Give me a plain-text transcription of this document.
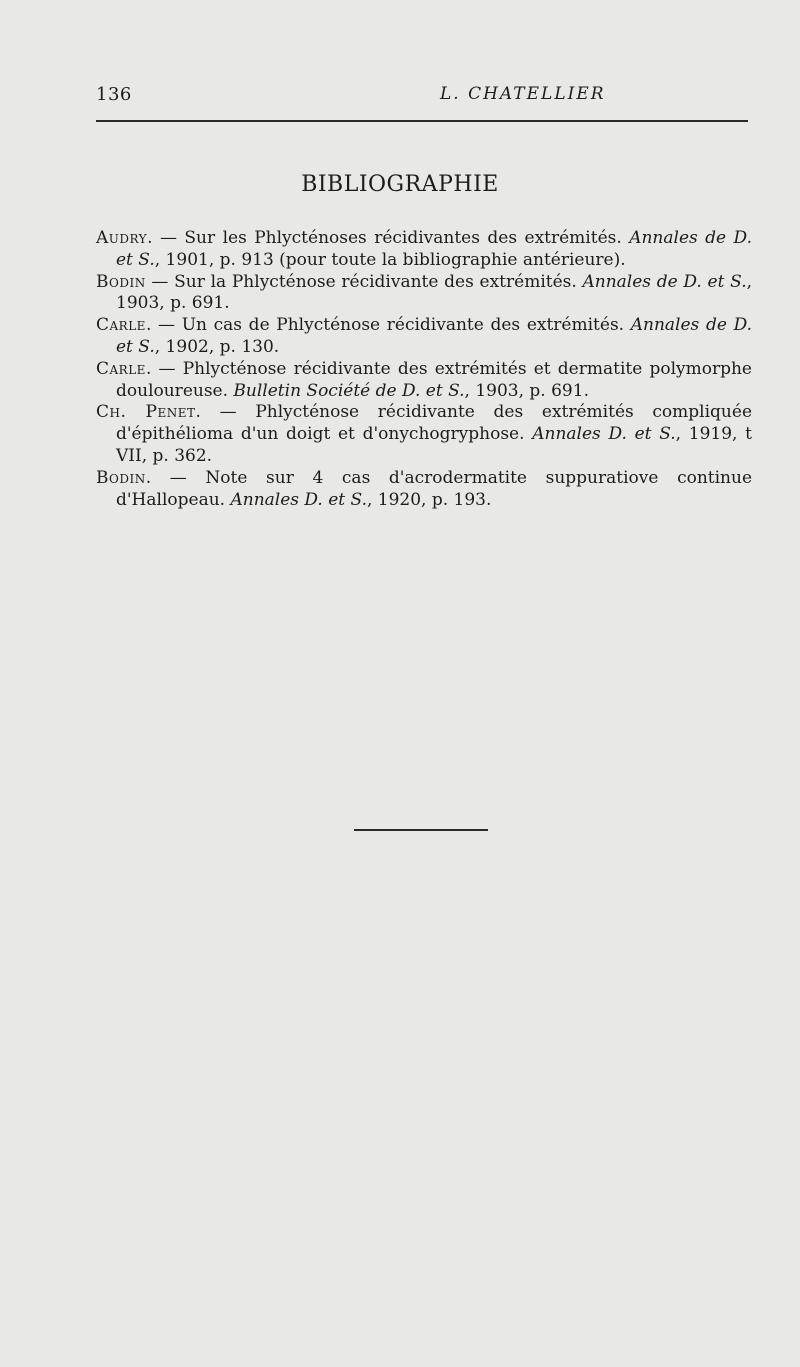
136	L. CHATELLIER
BIBLIOGRAPHIE

Audry. — Sur les Phlycténoses récidivantes des extrémités. Annales de D. et S., 1901, p. 913 (pour toute la bibliographie antérieure).

Bodin — Sur la Phlycténose récidivante des extrémités. Annales de D. et S., 1903, p. 691.

Carle. — Un cas de Phlycténose récidivante des extrémités. Annales de D. et S., 1902, p. 130.

Carle. — Phlycténose récidivante des extrémités et dermatite polymorphe douloureuse. Bulletin Société de D. et S., 1903, p. 691.

Ch. Penet. — Phlycténose récidivante des extrémités compliquée d'épithélioma d'un doigt et d'onychogryphose. Annales D. et S., 1919, t VII, p. 362.

Bodin. — Note sur 4 cas d'acrodermatite suppuratiove continue d'Hallopeau. Annales D. et S., 1920, p. 193.
